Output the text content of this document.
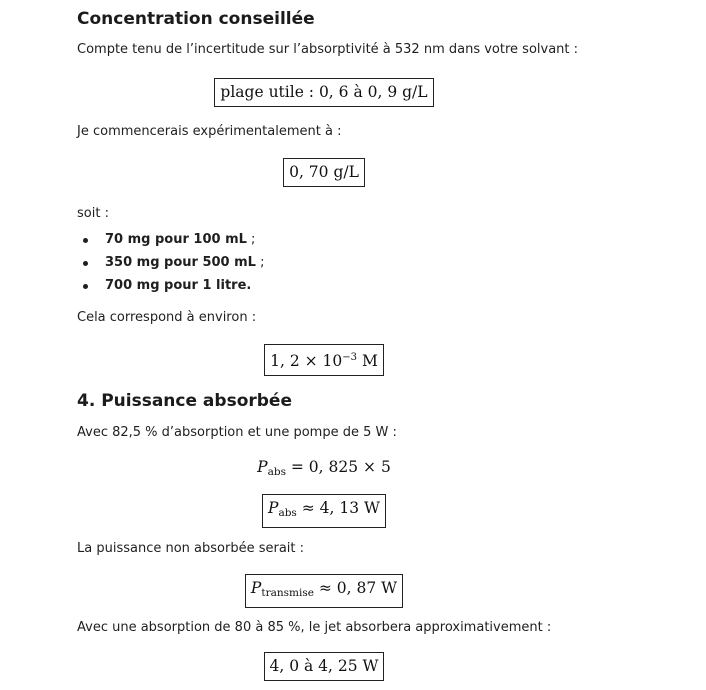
Concentration conseillée

Compte tenu de l’incertitude sur l’absorptivité à 532 nm dans votre solvant :

plage utile : 0, 6 à 0, 9 g/L

Je commencerais expérimentalement à :

0, 70 g/L

soit :

70 mg pour 100 mL ;
350 mg pour 500 mL ;
700 mg pour 1 litre.

Cela correspond à environ :

1, $2 \times 10^{-3}$ M
4. Puissance absorbée

Avec 82,5 % d’absorption et une pompe de 5 W :

$P_{abs} = 0$, 825 × 5
$P_{abs} \approx 4$, 13 W

La puissance non absorbée serait :

$P_{transmise} \approx 0$, 87 W

Avec une absorption de 80 à 85 %, le jet absorbera approximativement :

4, 0 à 4, 25 W
